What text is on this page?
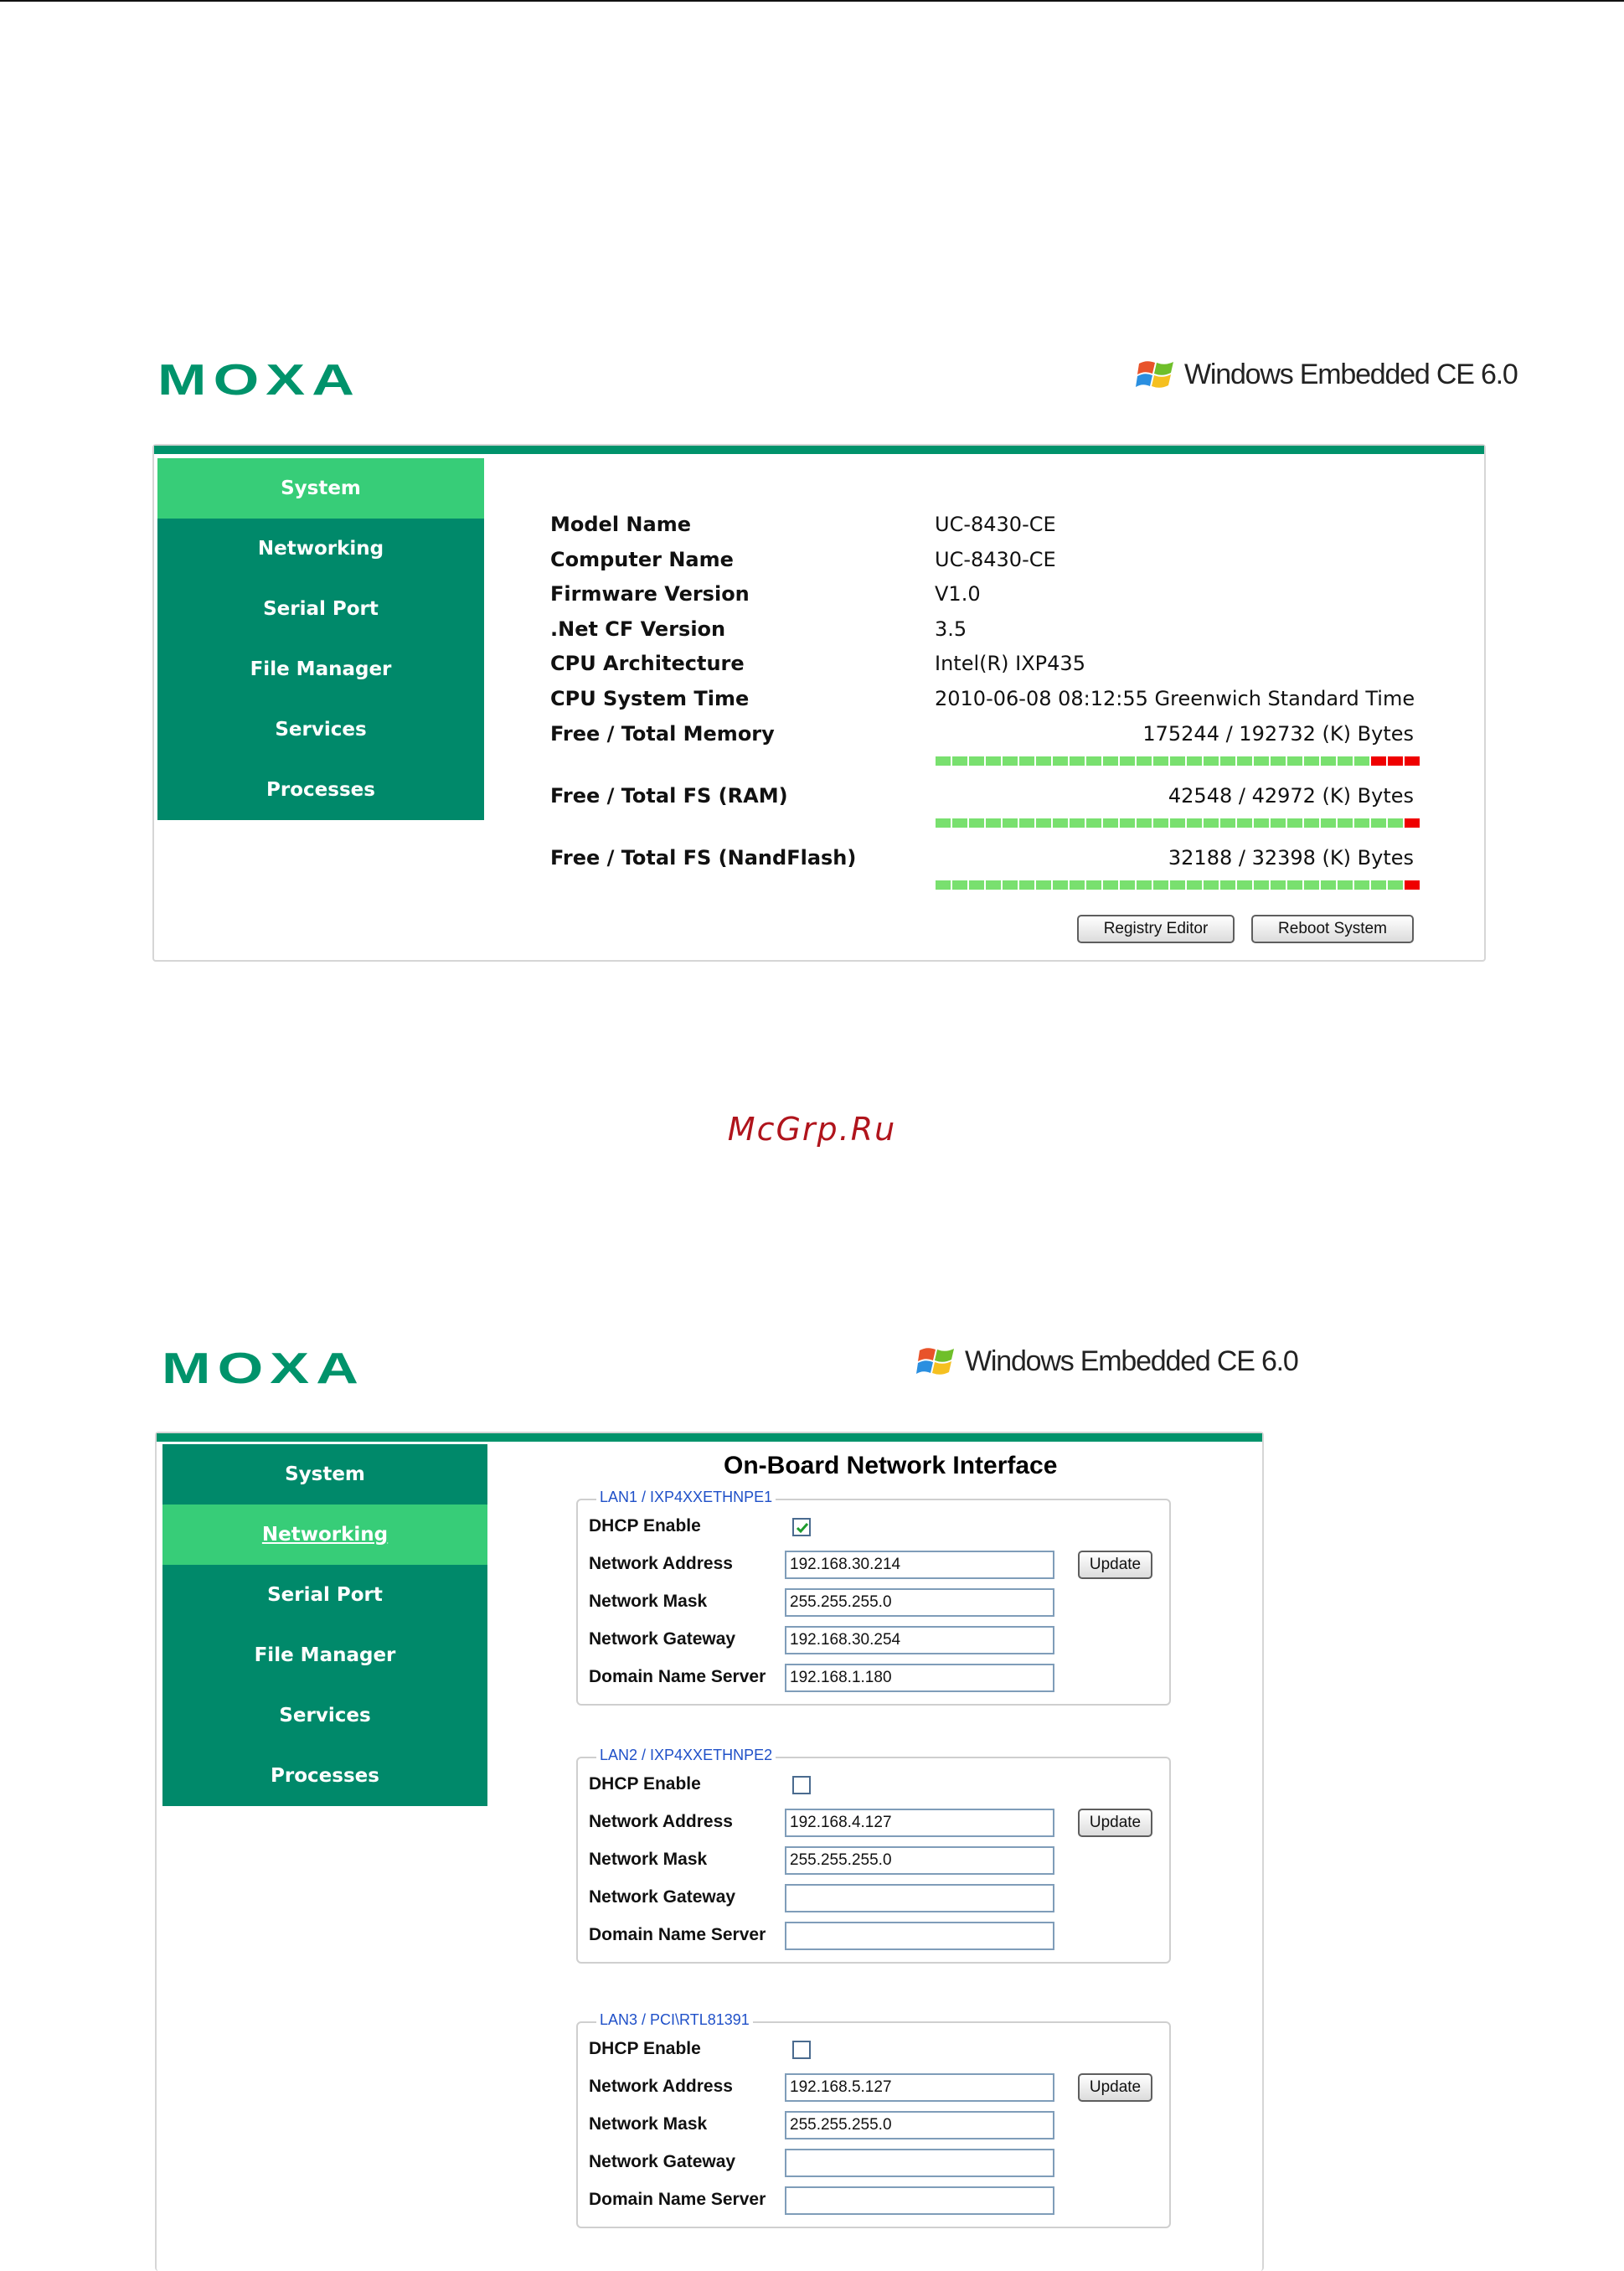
MOXA	Windows Embedded CE 6.0
System
Networking
Serial Port
File Manager
Services
Processes
Model Name	UC-8430-CE
Computer Name	UC-8430-CE
Firmware Version	V1.0
.Net CF Version	3.5
CPU Architecture	Intel(R) IXP435
CPU System Time	2010-06-08 08:12:55 Greenwich Standard Time
Free / Total Memory	175244 / 192732 (K) Bytes
Free / Total FS (RAM)	42548 / 42972 (K) Bytes
Free / Total FS (NandFlash)	32188 / 32398 (K) Bytes
Registry Editor	Reboot System
McGrp.Ru
MOXA	Windows Embedded CE 6.0
System
Networking
Serial Port
File Manager
Services
Processes
On-Board Network Interface
LAN1 / IXP4XXETHNPE1
DHCP Enable
Network Address	192.168.30.214	Update
Network Mask	255.255.255.0
Network Gateway	192.168.30.254
Domain Name Server	192.168.1.180
LAN2 / IXP4XXETHNPE2
DHCP Enable
Network Address	192.168.4.127	Update
Network Mask	255.255.255.0
Network Gateway
Domain Name Server
LAN3 / PCI\RTL81391
DHCP Enable
Network Address	192.168.5.127	Update
Network Mask	255.255.255.0
Network Gateway
Domain Name Server
